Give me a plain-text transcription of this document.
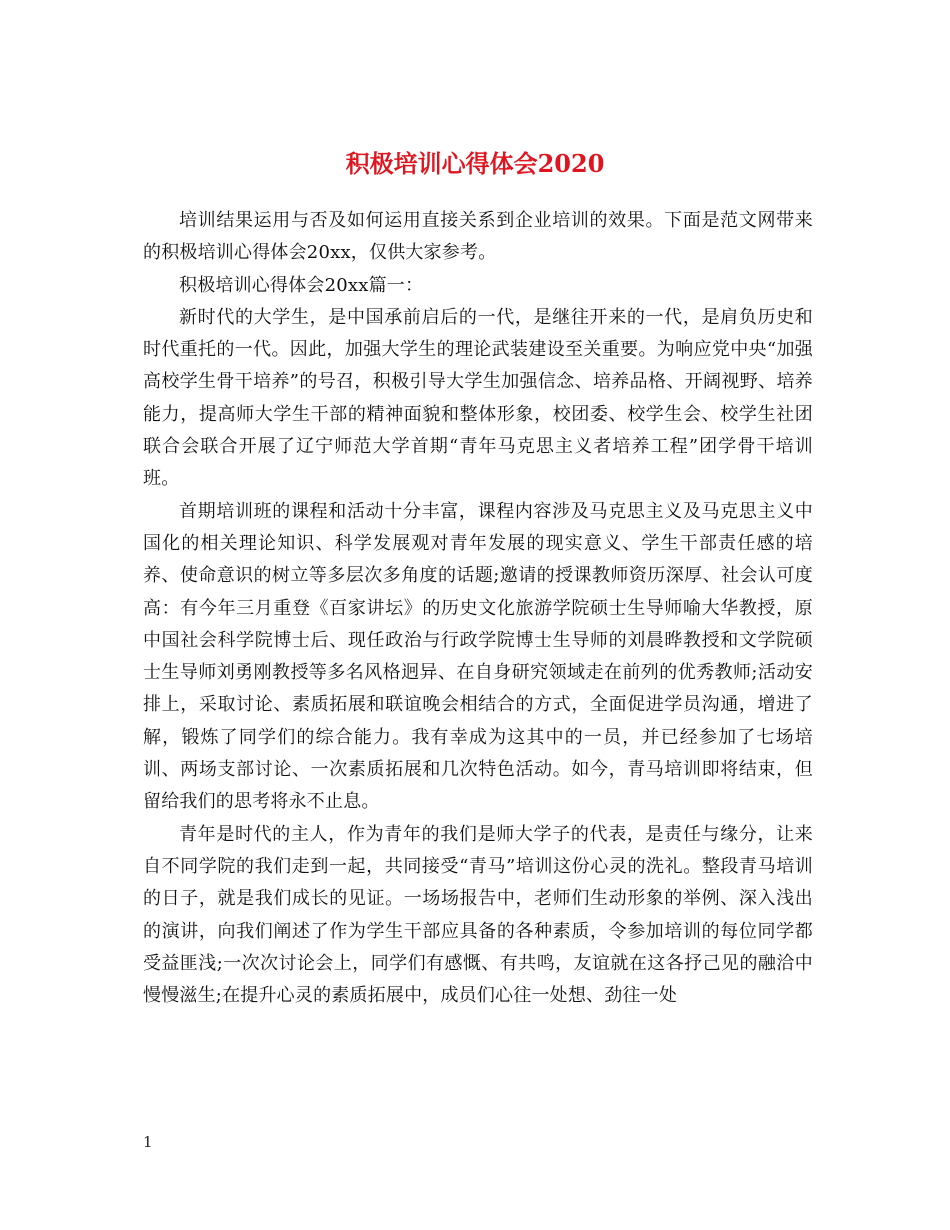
积极培训心得体会2020

培训结果运用与否及如何运用直接关系到企业培训的效果。下面是范文网带来的积极培训心得体会20xx，仅供大家参考。

积极培训心得体会20xx篇一：

新时代的大学生，是中国承前启后的一代，是继往开来的一代，是肩负历史和时代重托的一代。因此，加强大学生的理论武装建设至关重要。为响应党中央“加强高校学生骨干培养”的号召，积极引导大学生加强信念、培养品格、开阔视野、培养能力，提高师大学生干部的精神面貌和整体形象，校团委、校学生会、校学生社团联合会联合开展了辽宁师范大学首期“青年马克思主义者培养工程”团学骨干培训班。

首期培训班的课程和活动十分丰富，课程内容涉及马克思主义及马克思主义中国化的相关理论知识、科学发展观对青年发展的现实意义、学生干部责任感的培养、使命意识的树立等多层次多角度的话题;邀请的授课教师资历深厚、社会认可度高：有今年三月重登《百家讲坛》的历史文化旅游学院硕士生导师喻大华教授，原中国社会科学院博士后、现任政治与行政学院博士生导师的刘晨晔教授和文学院硕士生导师刘勇刚教授等多名风格迥异、在自身研究领域走在前列的优秀教师;活动安排上，采取讨论、素质拓展和联谊晚会相结合的方式，全面促进学员沟通，增进了解，锻炼了同学们的综合能力。我有幸成为这其中的一员，并已经参加了七场培训、两场支部讨论、一次素质拓展和几次特色活动。如今，青马培训即将结束，但留给我们的思考将永不止息。

青年是时代的主人，作为青年的我们是师大学子的代表，是责任与缘分，让来自不同学院的我们走到一起，共同接受“青马”培训这份心灵的洗礼。整段青马培训的日子，就是我们成长的见证。一场场报告中，老师们生动形象的举例、深入浅出的演讲，向我们阐述了作为学生干部应具备的各种素质，令参加培训的每位同学都受益匪浅;一次次讨论会上，同学们有感慨、有共鸣，友谊就在这各抒己见的融洽中慢慢滋生;在提升心灵的素质拓展中，成员们心往一处想、劲往一处

1
